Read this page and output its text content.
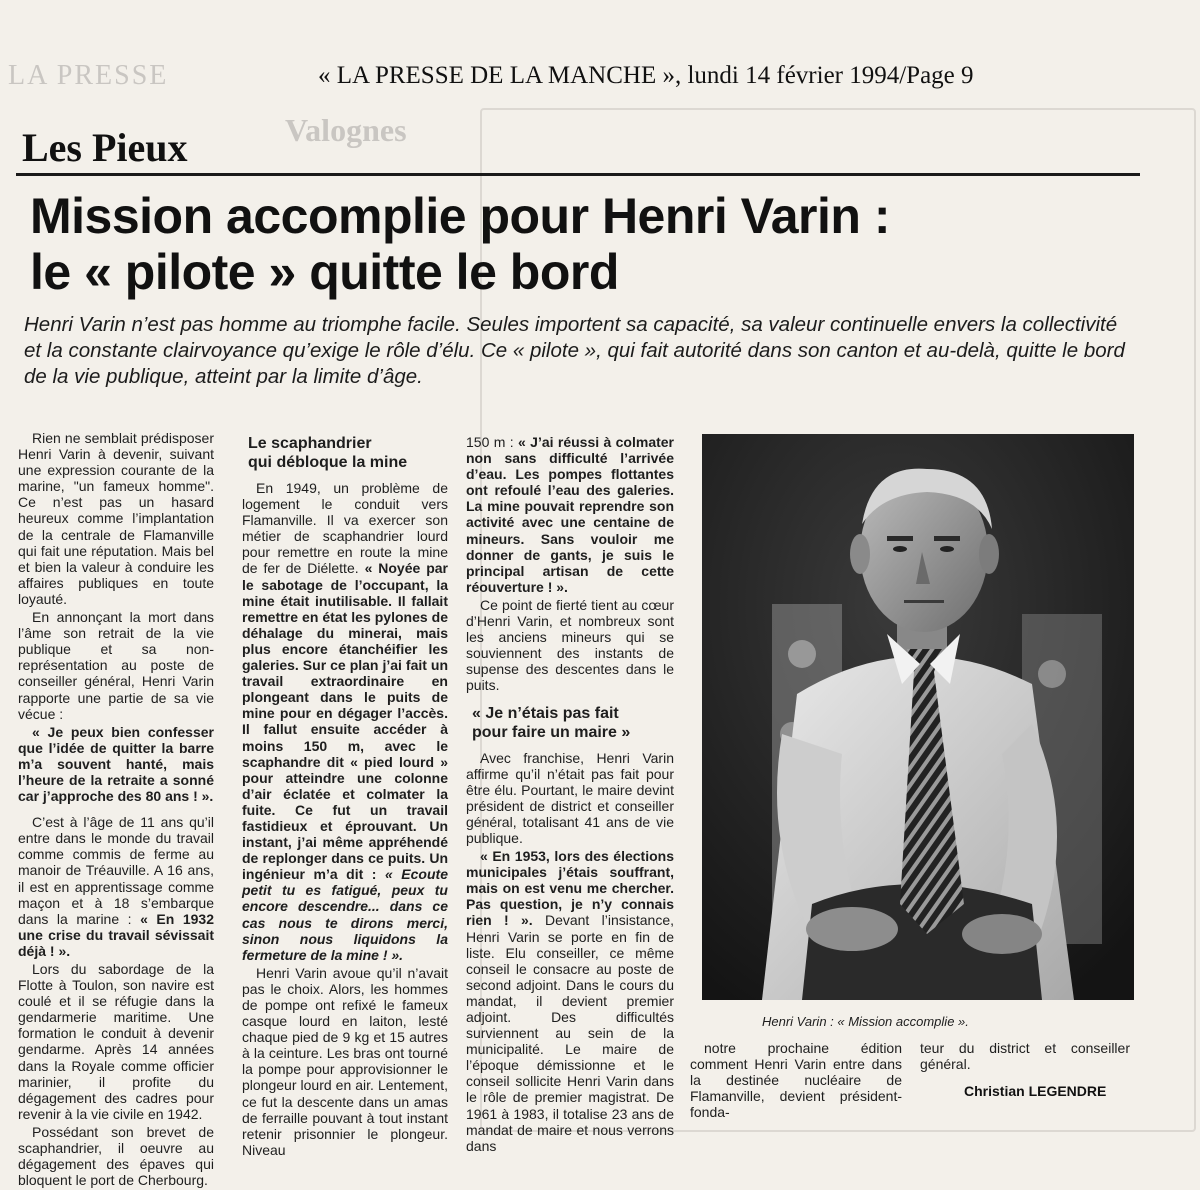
LA PRESSE
Valognes
« LA PRESSE DE LA MANCHE », lundi 14 février 1994/Page 9
Les Pieux
Mission accomplie pour Henri Varin :
le « pilote » quitte le bord
Henri Varin n’est pas homme au triomphe facile. Seules importent sa capacité, sa valeur continuelle envers la collectivité et la constante clairvoyance qu’exige le rôle d’élu. Ce « pilote », qui fait autorité dans son canton et au-delà, quitte le bord de la vie publique, atteint par la limite d’âge.

Rien ne semblait prédisposer Henri Varin à devenir, suivant une expression courante de la marine, "un fameux homme". Ce n’est pas un hasard heureux comme l’implantation de la centrale de Flamanville qui fait une réputation. Mais bel et bien la valeur à conduire les affaires publiques en toute loyauté.

En annonçant la mort dans l’âme son retrait de la vie publique et sa non-représentation au poste de conseiller général, Henri Varin rapporte une partie de sa vie vécue :

« Je peux bien confesser que l’idée de quitter la barre m’a souvent hanté, mais l’heure de la retraite a sonné car j’approche des 80 ans ! ».

C’est à l’âge de 11 ans qu’il entre dans le monde du travail comme commis de ferme au manoir de Tréauville. A 16 ans, il est en apprentissage comme maçon et à 18 s’embarque dans la marine : « En 1932 une crise du travail sévissait déjà ! ».

Lors du sabordage de la Flotte à Toulon, son navire est coulé et il se réfugie dans la gendarmerie maritime. Une formation le conduit à devenir gendarme. Après 14 années dans la Royale comme officier marinier, il profite du dégagement des cadres pour revenir à la vie civile en 1942.

Possédant son brevet de scaphandrier, il oeuvre au dégagement des épaves qui bloquent le port de Cherbourg.

Le scaphandrier
qui débloque la mine

En 1949, un problème de logement le conduit vers Flamanville. Il va exercer son métier de scaphandrier lourd pour remettre en route la mine de fer de Diélette. « Noyée par le sabotage de l’occupant, la mine était inutilisable. Il fallait remettre en état les pylones de déhalage du minerai, mais plus encore étanchéifier les galeries. Sur ce plan j’ai fait un travail extraordinaire en plongeant dans le puits de mine pour en dégager l’accès. Il fallut ensuite accéder à moins 150 m, avec le scaphandre dit « pied lourd » pour atteindre une colonne d’air éclatée et colmater la fuite. Ce fut un travail fastidieux et éprouvant. Un instant, j’ai même appréhendé de replonger dans ce puits. Un ingénieur m’a dit : « Ecoute petit tu es fatigué, peux tu encore descendre... dans ce cas nous te dirons merci, sinon nous liquidons la fermeture de la mine ! ».

Henri Varin avoue qu’il n’avait pas le choix. Alors, les hommes de pompe ont refixé le fameux casque lourd en laiton, lesté chaque pied de 9 kg et 15 autres à la ceinture. Les bras ont tourné la pompe pour approvisionner le plongeur lourd en air. Lentement, ce fut la descente dans un amas de ferraille pouvant à tout instant retenir prisonnier le plongeur. Niveau

150 m : « J’ai réussi à colmater non sans difficulté l’arrivée d’eau. Les pompes flottantes ont refoulé l’eau des galeries. La mine pouvait reprendre son activité avec une centaine de mineurs. Sans vouloir me donner de gants, je suis le principal artisan de cette réouverture ! ».

Ce point de fierté tient au cœur d’Henri Varin, et nombreux sont les anciens mineurs qui se souviennent des instants de supense des descentes dans le puits.

« Je n’étais pas fait
pour faire un maire »

Avec franchise, Henri Varin affirme qu’il n’était pas fait pour être élu. Pourtant, le maire devint président de district et conseiller général, totalisant 41 ans de vie publique.

« En 1953, lors des élections municipales j’étais souffrant, mais on est venu me chercher. Pas question, je n’y connais rien ! ». Devant l’insistance, Henri Varin se porte en fin de liste. Elu conseiller, ce même conseil le consacre au poste de second adjoint. Dans le cours du mandat, il devient premier adjoint. Des difficultés surviennent au sein de la municipalité. Le maire de l’époque démissionne et le conseil sollicite Henri Varin dans le rôle de premier magistrat. De 1961 à 1983, il totalise 23 ans de mandat de maire et nous verrons dans

Henri Varin : « Mission accomplie ».

notre prochaine édition comment Henri Varin entre dans la destinée nucléaire de Flamanville, devient président-fonda-

teur du district et conseiller général.

Christian LEGENDRE
